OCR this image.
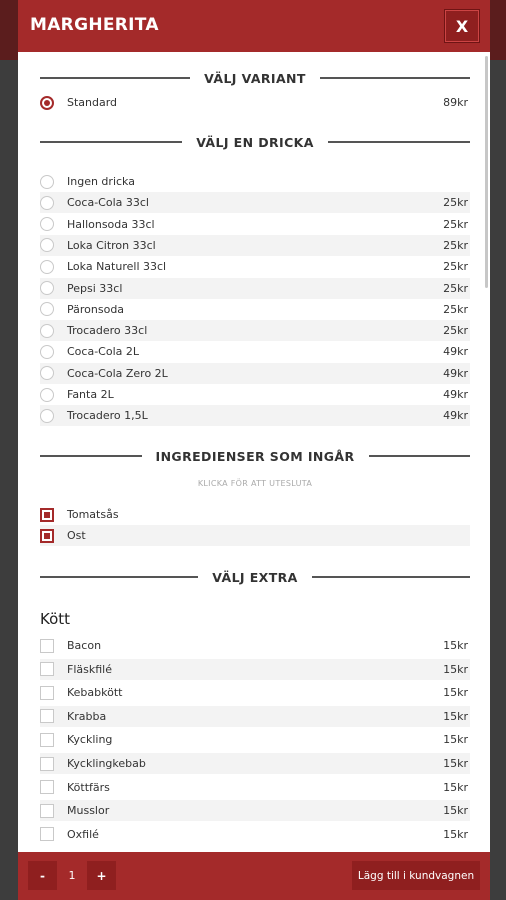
MARGHERITA	X
VÄLJ VARIANT
Standard	89kr
VÄLJ EN DRICKA
Ingen dricka
Coca-Cola 33cl	25kr
Hallonsoda 33cl	25kr
Loka Citron 33cl	25kr
Loka Naturell 33cl	25kr
Pepsi 33cl	25kr
Päronsoda	25kr
Trocadero 33cl	25kr
Coca-Cola 2L	49kr
Coca-Cola Zero 2L	49kr
Fanta 2L	49kr
Trocadero 1,5L	49kr
INGREDIENSER SOM INGÅR
KLICKA FÖR ATT UTESLUTA
Tomatsås
Ost
VÄLJ EXTRA
Kött
Bacon	15kr
Fläskfilé	15kr
Kebabkött	15kr
Krabba	15kr
Kyckling	15kr
Kycklingkebab	15kr
Köttfärs	15kr
Musslor	15kr
Oxfilé	15kr
-	1	+	Lägg till i kundvagnen
